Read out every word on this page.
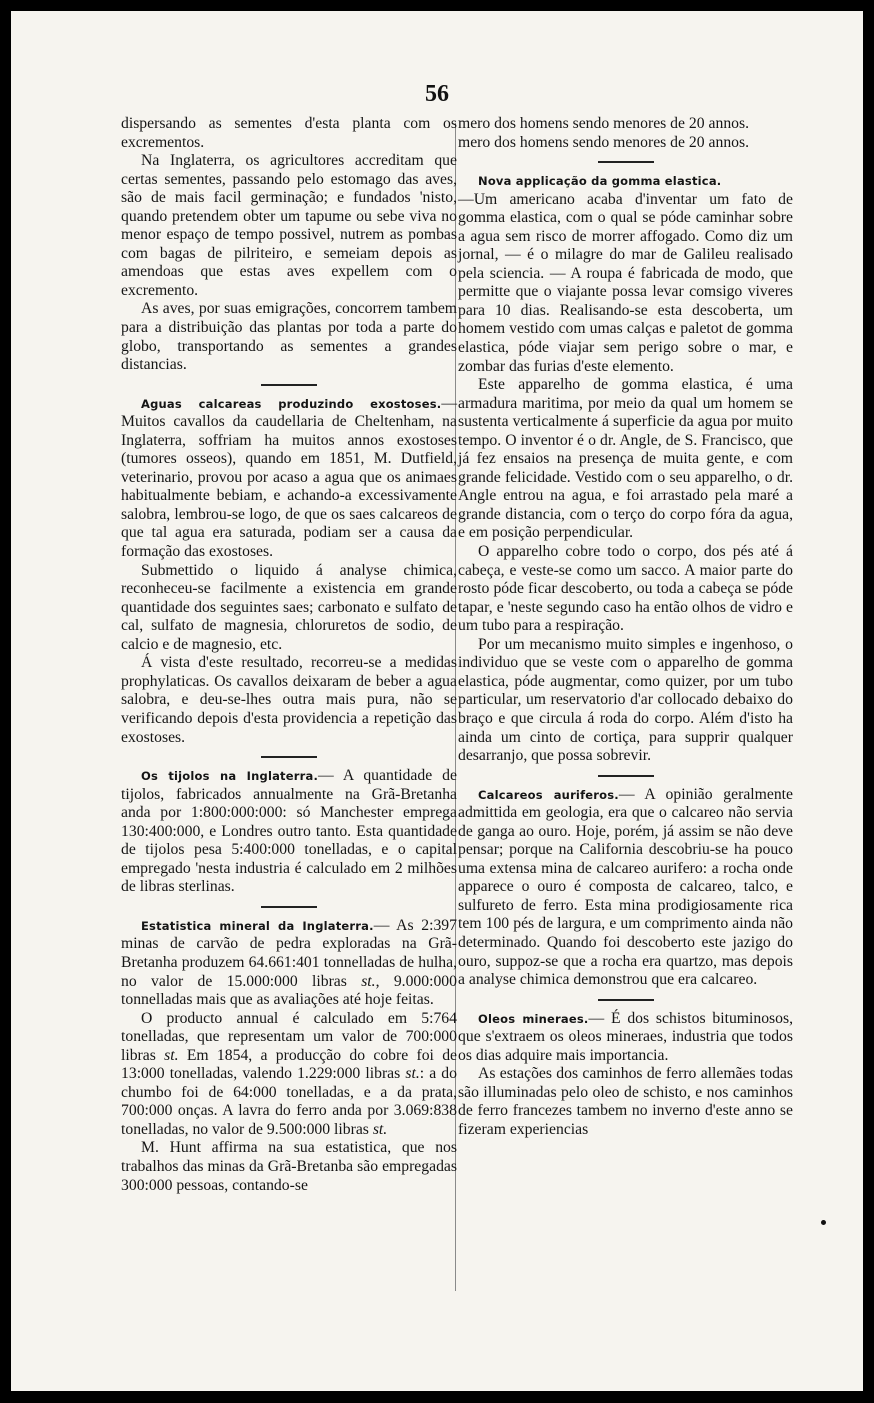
56

dispersando as sementes d'esta planta com os excrementos.

Na Inglaterra, os agricultores accreditam que certas sementes, passando pelo estomago das aves, são de mais facil germinação; e fundados 'nisto, quando pretendem obter um tapume ou sebe viva no menor espaço de tempo possivel, nutrem as pombas com bagas de pilriteiro, e semeiam depois as amendoas que estas aves expellem com o excremento.

As aves, por suas emigrações, concorrem tambem para a distribuição das plantas por toda a parte do globo, transportando as sementes a grandes distancias.

Aguas calcareas produzindo exostoses.—Muitos cavallos da caudellaria de Cheltenham, na Inglaterra, soffriam ha muitos annos exostoses (tumores osseos), quando em 1851, M. Dutfield, veterinario, provou por acaso a agua que os animaes habitualmente bebiam, e achando-a excessivamente salobra, lembrou-se logo, de que os saes calcareos de que tal agua era saturada, podiam ser a causa da formação das exostoses.

Submettido o liquido á analyse chimica, reconheceu-se facilmente a existencia em grande quantidade dos seguintes saes; carbonato e sulfato de cal, sulfato de magnesia, chloruretos de sodio, de calcio e de magnesio, etc.

Á vista d'este resultado, recorreu-se a medidas prophylaticas. Os cavallos deixaram de beber a agua salobra, e deu-se-lhes outra mais pura, não se verificando depois d'esta providencia a repetição das exostoses.

Os tijolos na Inglaterra.— A quantidade de tijolos, fabricados annualmente na Grã-Bretanha anda por 1:800:000:000: só Manchester emprega 130:400:000, e Londres outro tanto. Esta quantidade de tijolos pesa 5:400:000 tonelladas, e o capital empregado 'nesta industria é calculado em 2 milhões de libras sterlinas.

Estatistica mineral da Inglaterra.— As 2:397 minas de carvão de pedra exploradas na Grã-Bretanha produzem 64.661:401 tonnelladas de hulha, no valor de 15.000:000 libras st., 9.000:000 tonnelladas mais que as avaliações até hoje feitas.

O producto annual é calculado em 5:764 tonelladas, que representam um valor de 700:000 libras st. Em 1854, a producção do cobre foi de 13:000 tonelladas, valendo 1.229:000 libras st.: a do chumbo foi de 64:000 tonelladas, e a da prata, 700:000 onças. A lavra do ferro anda por 3.069:838 tonelladas, no valor de 9.500:000 libras st.

M. Hunt affirma na sua estatistica, que nos trabalhos das minas da Grã-Bretanba são empregadas 300:000 pessoas, contando-se

mero dos homens sendo menores de 20 annos.

mero dos homens sendo menores de 20 annos.

Nova applicação da gomma elastica.
—Um americano acaba d'inventar um fato de gomma elastica, com o qual se póde caminhar sobre a agua sem risco de morrer affogado. Como diz um jornal, — é o milagre do mar de Galileu realisado pela sciencia. — A roupa é fabricada de modo, que permitte que o viajante possa levar comsigo viveres para 10 dias. Realisando-se esta descoberta, um homem vestido com umas calças e paletot de gomma elastica, póde viajar sem perigo sobre o mar, e zombar das furias d'este elemento.

Este apparelho de gomma elastica, é uma armadura maritima, por meio da qual um homem se sustenta verticalmente á superficie da agua por muito tempo. O inventor é o dr. Angle, de S. Francisco, que já fez ensaios na presença de muita gente, e com grande felicidade. Vestido com o seu apparelho, o dr. Angle entrou na agua, e foi arrastado pela maré a grande distancia, com o terço do corpo fóra da agua, e em posição perpendicular.

O apparelho cobre todo o corpo, dos pés até á cabeça, e veste-se como um sacco. A maior parte do rosto póde ficar descoberto, ou toda a cabeça se póde tapar, e 'neste segundo caso ha então olhos de vidro e um tubo para a respiração.

Por um mecanismo muito simples e ingenhoso, o individuo que se veste com o apparelho de gomma elastica, póde augmentar, como quizer, por um tubo particular, um reservatorio d'ar collocado debaixo do braço e que circula á roda do corpo. Além d'isto ha ainda um cinto de cortiça, para supprir qualquer desarranjo, que possa sobrevir.

Calcareos auriferos.— A opinião geralmente admittida em geologia, era que o calcareo não servia de ganga ao ouro. Hoje, porém, já assim se não deve pensar; porque na California descobriu-se ha pouco uma extensa mina de calcareo aurifero: a rocha onde apparece o ouro é composta de calcareo, talco, e sulfureto de ferro. Esta mina prodigiosamente rica tem 100 pés de largura, e um comprimento ainda não determinado. Quando foi descoberto este jazigo do ouro, suppoz-se que a rocha era quartzo, mas depois a analyse chimica demonstrou que era calcareo.

Oleos mineraes.— É dos schistos bituminosos, que s'extraem os oleos mineraes, industria que todos os dias adquire mais importancia.

As estações dos caminhos de ferro allemães todas são illuminadas pelo oleo de schisto, e nos caminhos de ferro francezes tambem no inverno d'este anno se fizeram experiencias
